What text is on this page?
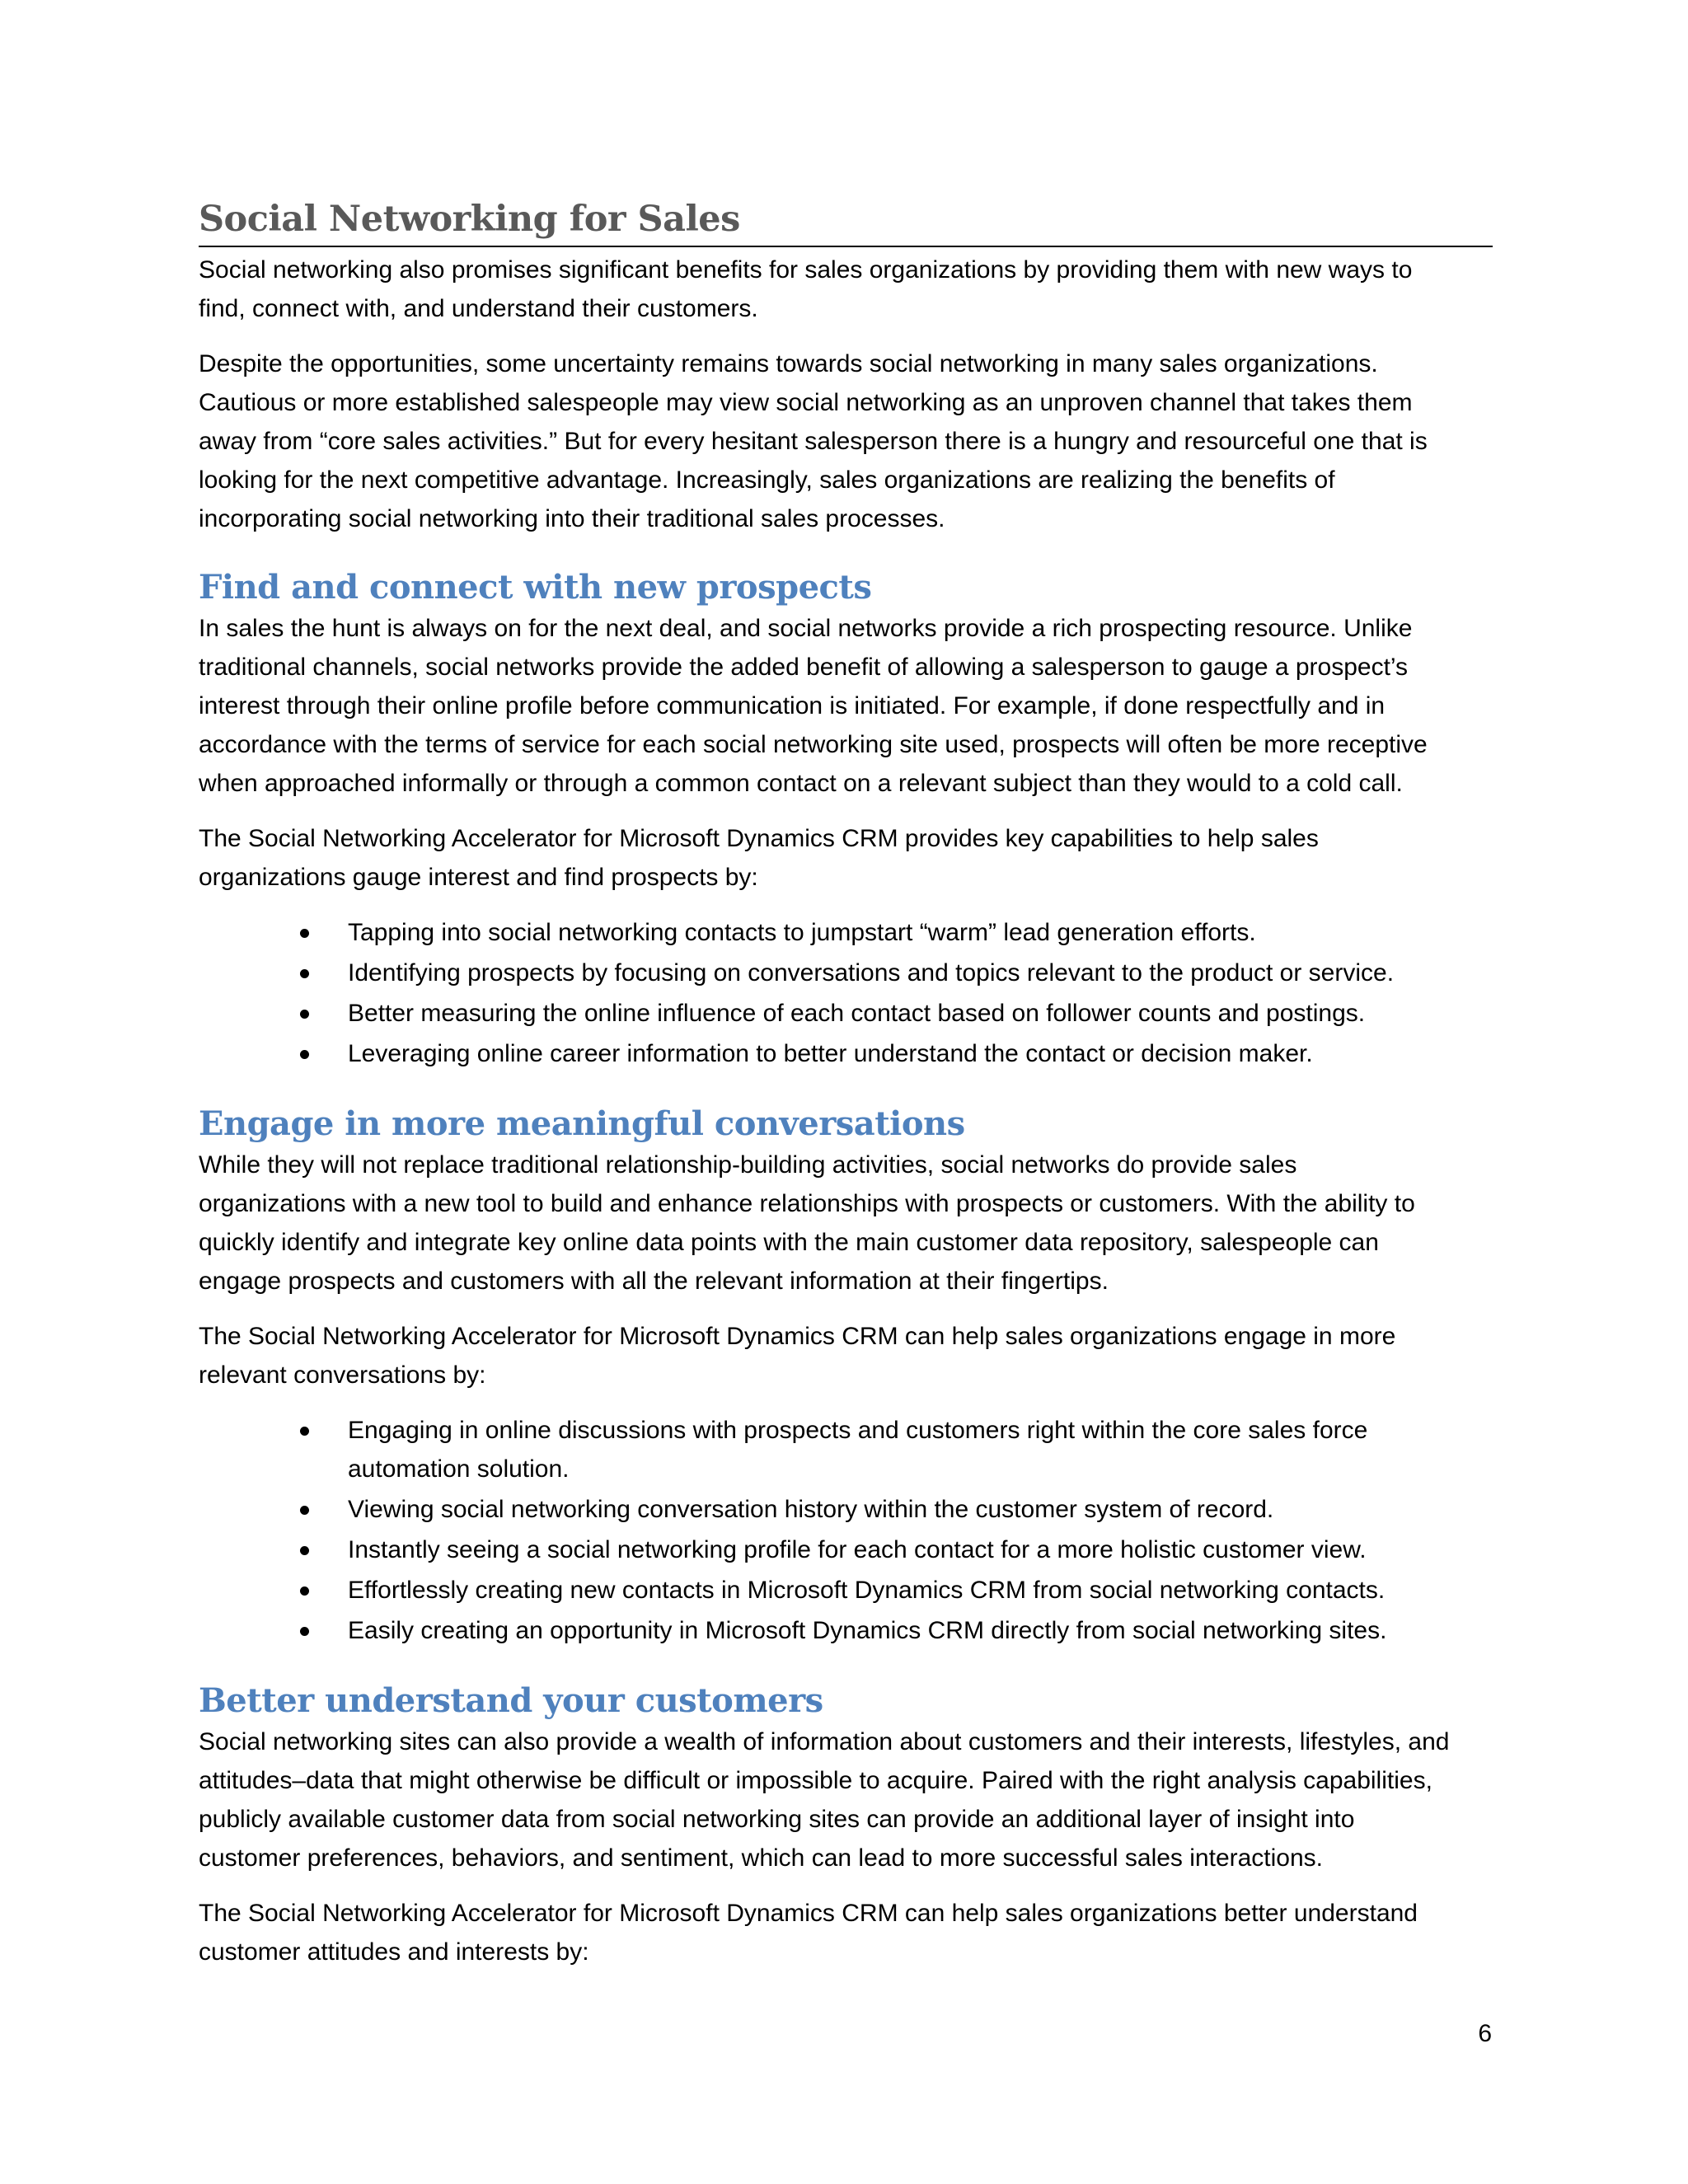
Social Networking for Sales

Social networking also promises significant benefits for sales organizations by providing them with new ways to
find, connect with, and understand their customers.

Despite the opportunities, some uncertainty remains towards social networking in many sales organizations.
Cautious or more established salespeople may view social networking as an unproven channel that takes them
away from “core sales activities.” But for every hesitant salesperson there is a hungry and resourceful one that is
looking for the next competitive advantage. Increasingly, sales organizations are realizing the benefits of
incorporating social networking into their traditional sales processes.

Find and connect with new prospects

In sales the hunt is always on for the next deal, and social networks provide a rich prospecting resource. Unlike
traditional channels, social networks provide the added benefit of allowing a salesperson to gauge a prospect’s
interest through their online profile before communication is initiated. For example, if done respectfully and in
accordance with the terms of service for each social networking site used, prospects will often be more receptive
when approached informally or through a common contact on a relevant subject than they would to a cold call.

The Social Networking Accelerator for Microsoft Dynamics CRM provides key capabilities to help sales
organizations gauge interest and find prospects by:

Tapping into social networking contacts to jumpstart “warm” lead generation efforts.
Identifying prospects by focusing on conversations and topics relevant to the product or service.
Better measuring the online influence of each contact based on follower counts and postings.
Leveraging online career information to better understand the contact or decision maker.
Engage in more meaningful conversations

While they will not replace traditional relationship-building activities, social networks do provide sales
organizations with a new tool to build and enhance relationships with prospects or customers. With the ability to
quickly identify and integrate key online data points with the main customer data repository, salespeople can
engage prospects and customers with all the relevant information at their fingertips.

The Social Networking Accelerator for Microsoft Dynamics CRM can help sales organizations engage in more
relevant conversations by:

Engaging in online discussions with prospects and customers right within the core sales force
automation solution.
Viewing social networking conversation history within the customer system of record.
Instantly seeing a social networking profile for each contact for a more holistic customer view.
Effortlessly creating new contacts in Microsoft Dynamics CRM from social networking contacts.
Easily creating an opportunity in Microsoft Dynamics CRM directly from social networking sites.
Better understand your customers

Social networking sites can also provide a wealth of information about customers and their interests, lifestyles, and
attitudes–data that might otherwise be difficult or impossible to acquire. Paired with the right analysis capabilities,
publicly available customer data from social networking sites can provide an additional layer of insight into
customer preferences, behaviors, and sentiment, which can lead to more successful sales interactions.

The Social Networking Accelerator for Microsoft Dynamics CRM can help sales organizations better understand
customer attitudes and interests by:

6
